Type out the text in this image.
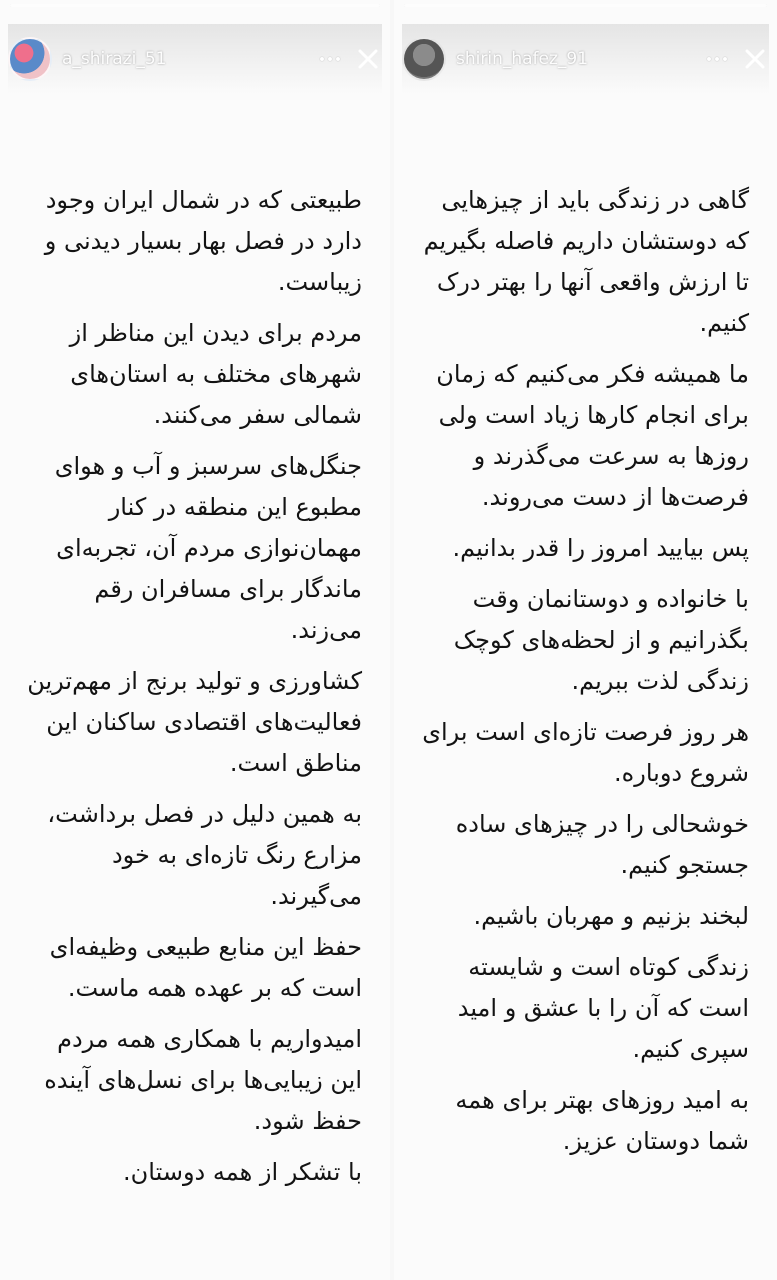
a_shirazi_51

طبیعتی که در شمال ایران وجود دارد در فصل بهار بسیار دیدنی و زیباست.

مردم برای دیدن این مناظر از شهرهای مختلف به استان‌های شمالی سفر می‌کنند.

جنگل‌های سرسبز و آب و هوای مطبوع این منطقه در کنار مهمان‌نوازی مردم آن، تجربه‌ای ماندگار برای مسافران رقم می‌زند.

کشاورزی و تولید برنج از مهم‌ترین فعالیت‌های اقتصادی ساکنان این مناطق است.

به همین دلیل در فصل برداشت، مزارع رنگ تازه‌ای به خود می‌گیرند.

حفظ این منابع طبیعی وظیفه‌ای است که بر عهده همه ماست.

امیدواریم با همکاری همه مردم این زیبایی‌ها برای نسل‌های آینده حفظ شود.

با تشکر از همه دوستان.

shirin_hafez_91

گاهی در زندگی باید از چیزهایی که دوستشان داریم فاصله بگیریم تا ارزش واقعی آنها را بهتر درک کنیم.

ما همیشه فکر می‌کنیم که زمان برای انجام کارها زیاد است ولی روزها به سرعت می‌گذرند و فرصت‌ها از دست می‌روند.

پس بیایید امروز را قدر بدانیم.

با خانواده و دوستانمان وقت بگذرانیم و از لحظه‌های کوچک زندگی لذت ببریم.

هر روز فرصت تازه‌ای است برای شروع دوباره.

خوشحالی را در چیزهای ساده جستجو کنیم.

لبخند بزنیم و مهربان باشیم.

زندگی کوتاه است و شایسته است که آن را با عشق و امید سپری کنیم.

به امید روزهای بهتر برای همه شما دوستان عزیز.
